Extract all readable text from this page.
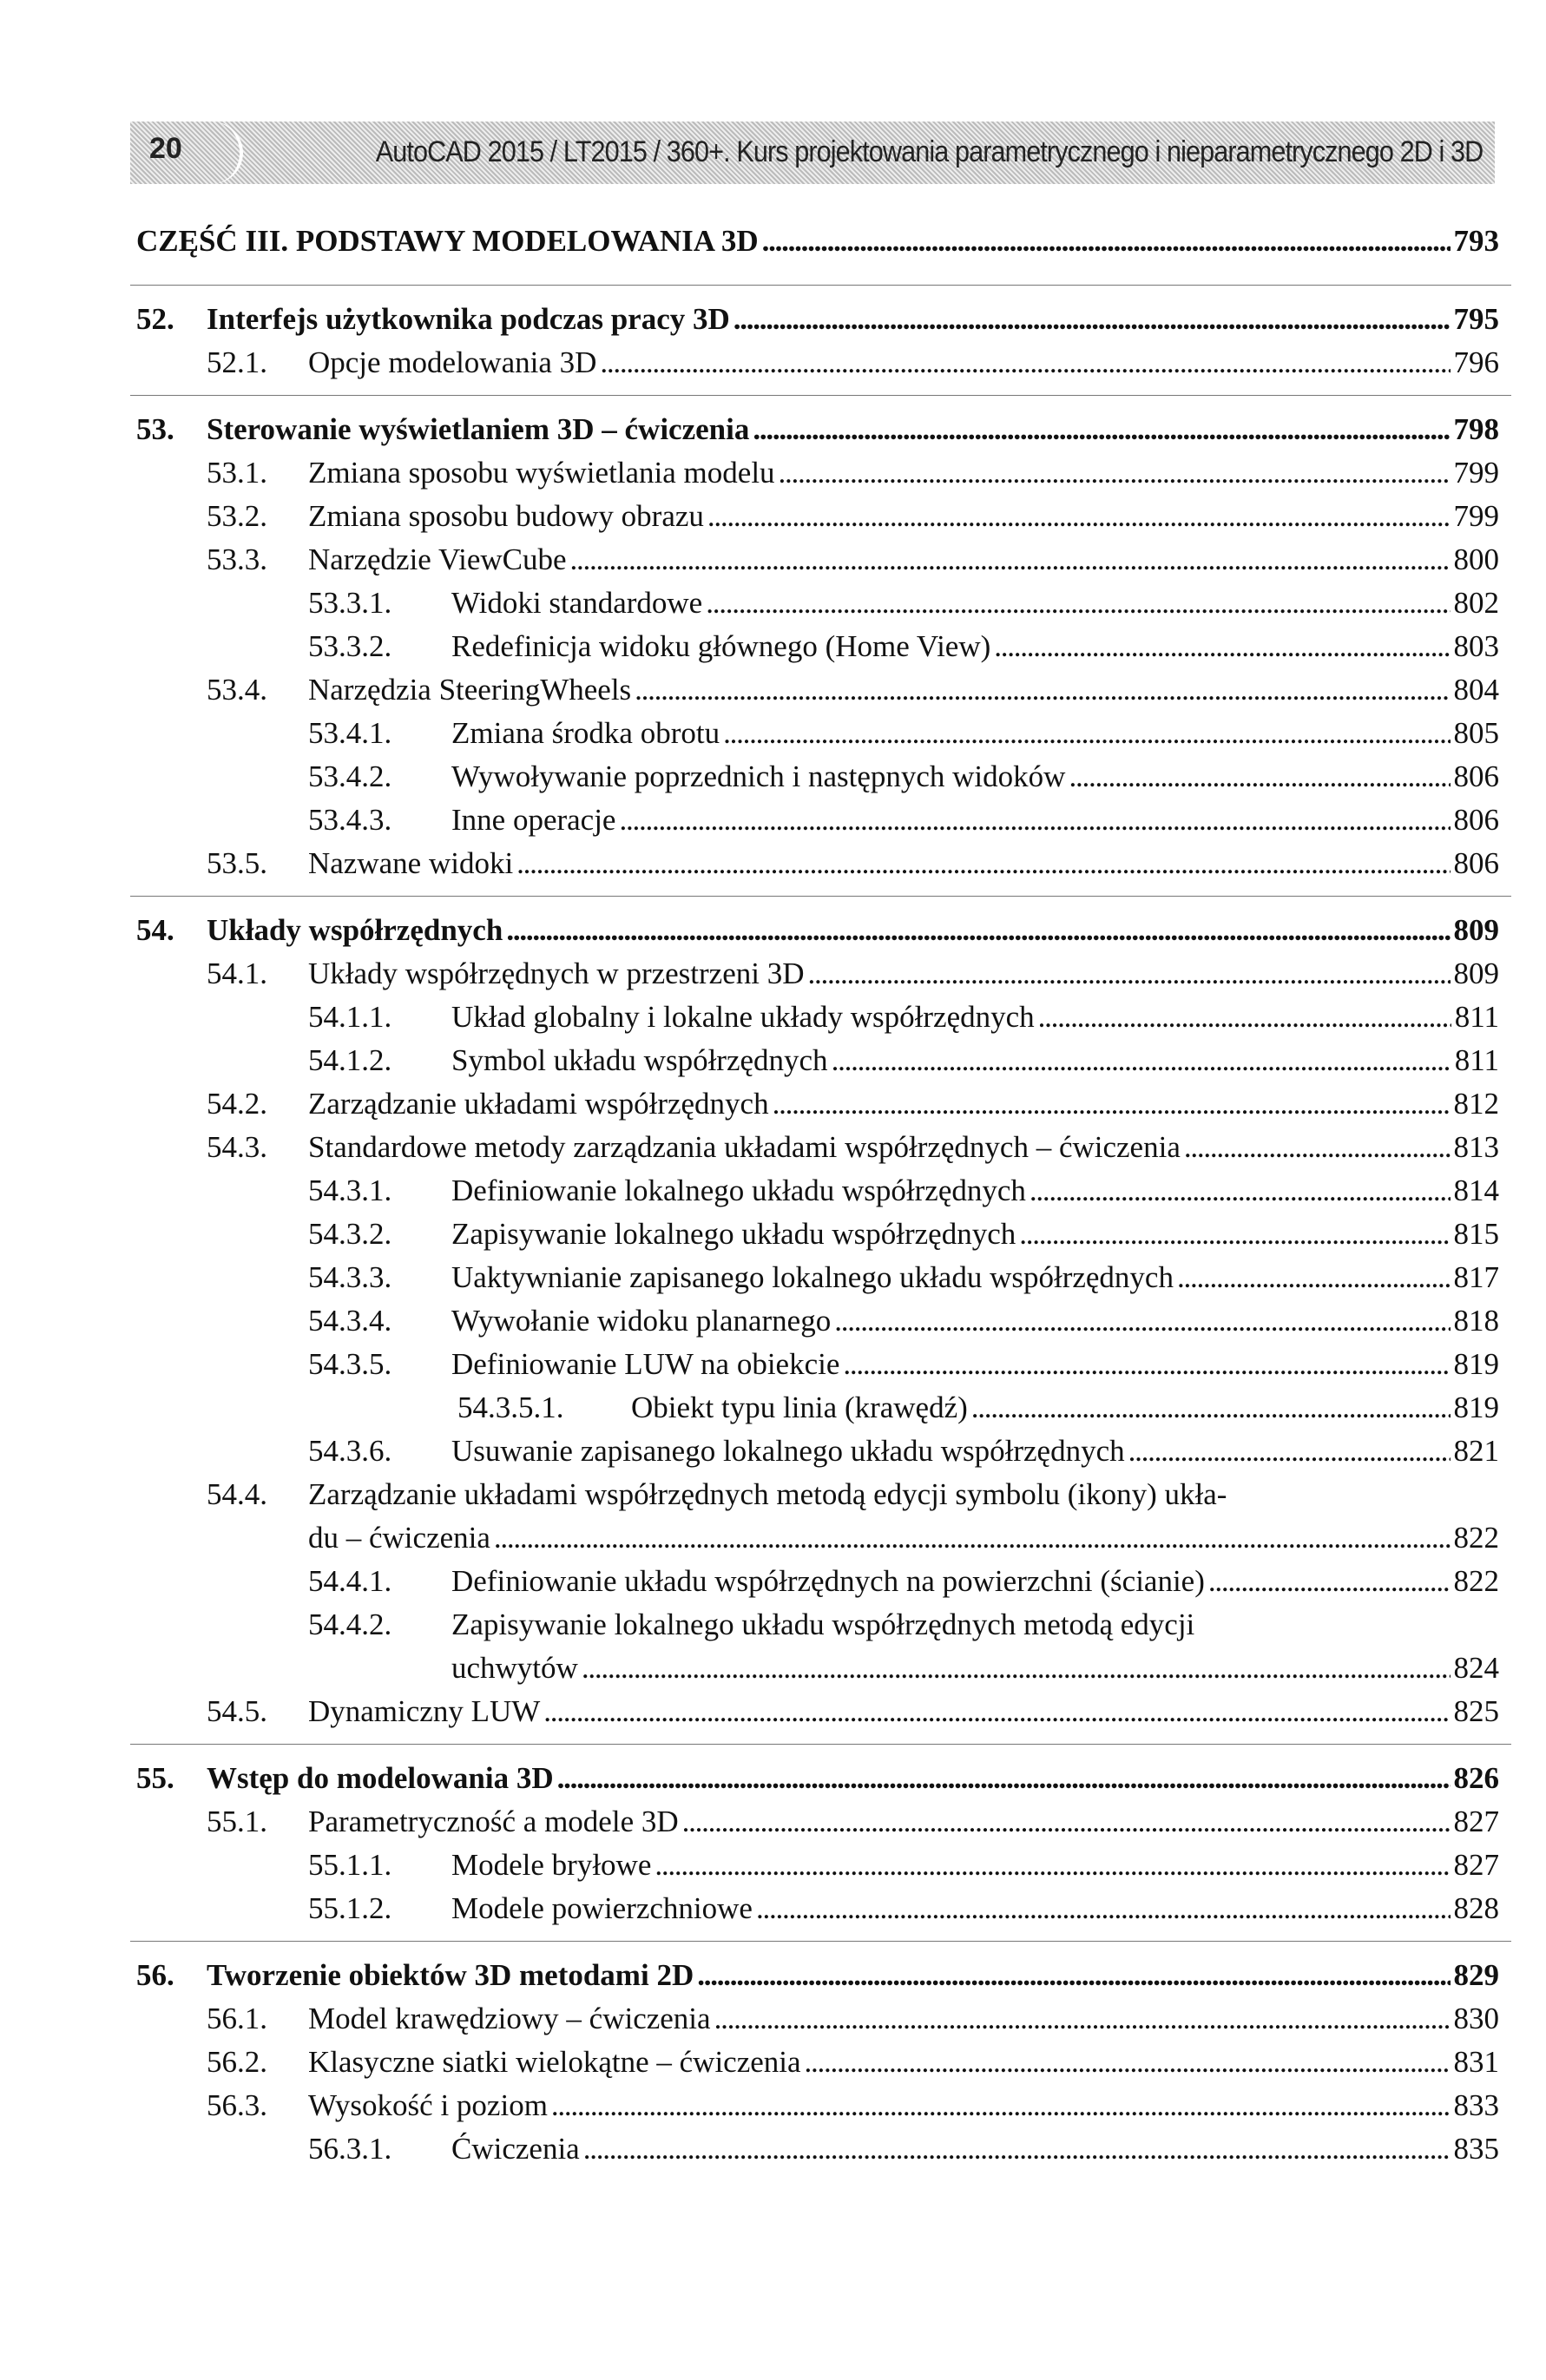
20	AutoCAD 2015 / LT2015 / 360+. Kurs projektowania parametrycznego i nieparametrycznego 2D i 3D
CZĘŚĆ III. PODSTAWY MODELOWANIA 3D . . .	793
52.	Interfejs użytkownika podczas pracy 3D . . .	795
52.1.	Opcje modelowania 3D . . .	796
53.	Sterowanie wyświetlaniem 3D – ćwiczenia . . .	798
53.1.	Zmiana sposobu wyświetlania modelu . . .	799
53.2.	Zmiana sposobu budowy obrazu . . .	799
53.3.	Narzędzie ViewCube . . .	800
53.3.1.	Widoki standardowe . . .	802
53.3.2.	Redefinicja widoku głównego (Home View) . . .	803
53.4.	Narzędzia SteeringWheels . . .	804
53.4.1.	Zmiana środka obrotu . . .	805
53.4.2.	Wywoływanie poprzednich i następnych widoków . . .	806
53.4.3.	Inne operacje . . .	806
53.5.	Nazwane widoki . . .	806
54.	Układy współrzędnych . . .	809
54.1.	Układy współrzędnych w przestrzeni 3D . . .	809
54.1.1.	Układ globalny i lokalne układy współrzędnych . . .	811
54.1.2.	Symbol układu współrzędnych . . .	811
54.2.	Zarządzanie układami współrzędnych . . .	812
54.3.	Standardowe metody zarządzania układami współrzędnych – ćwiczenia . . .	813
54.3.1.	Definiowanie lokalnego układu współrzędnych . . .	814
54.3.2.	Zapisywanie lokalnego układu współrzędnych . . .	815
54.3.3.	Uaktywnianie zapisanego lokalnego układu współrzędnych . . .	817
54.3.4.	Wywołanie widoku planarnego . . .	818
54.3.5.	Definiowanie LUW na obiekcie . . .	819
54.3.5.1.	Obiekt typu linia (krawędź) . . .	819
54.3.6.	Usuwanie zapisanego lokalnego układu współrzędnych . . .	821
54.4.	Zarządzanie układami współrzędnych metodą edycji symbolu (ikony) ukła-
du – ćwiczenia . . .	822
54.4.1.	Definiowanie układu współrzędnych na powierzchni (ścianie) . . .	822
54.4.2.	Zapisywanie lokalnego układu współrzędnych metodą edycji
uchwytów . . .	824
54.5.	Dynamiczny LUW . . .	825
55.	Wstęp do modelowania 3D . . .	826
55.1.	Parametryczność a modele 3D . . .	827
55.1.1.	Modele bryłowe . . .	827
55.1.2.	Modele powierzchniowe . . .	828
56.	Tworzenie obiektów 3D metodami 2D . . .	829
56.1.	Model krawędziowy – ćwiczenia . . .	830
56.2.	Klasyczne siatki wielokątne – ćwiczenia . . .	831
56.3.	Wysokość i poziom . . .	833
56.3.1.	Ćwiczenia . . .	835
